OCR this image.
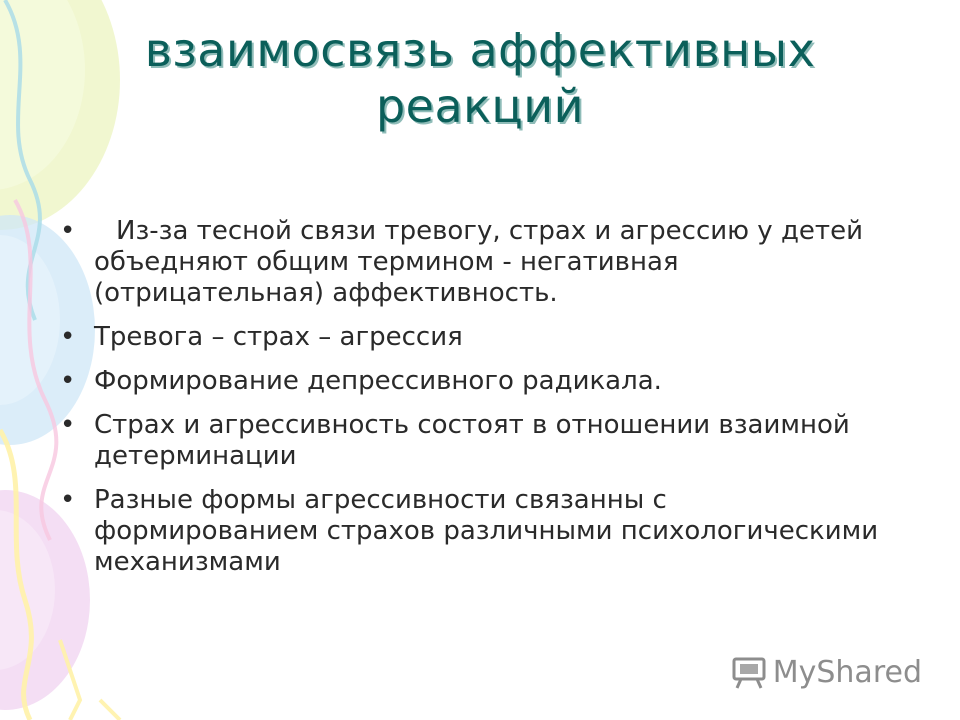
взаимосвязь аффективных
реакций
•	Из-за тесной связи тревогу, страх и агрессию у детей объедняют общим термином - негативная (отрицательная) аффективность.
• Тревога – страх – агрессия
• Формирование депрессивного радикала.
• Страх и агрессивность состоят в отношении взаимной детерминации
• Разные формы агрессивности связанны с формированием страхов различными психологическими механизмами
MyShared
